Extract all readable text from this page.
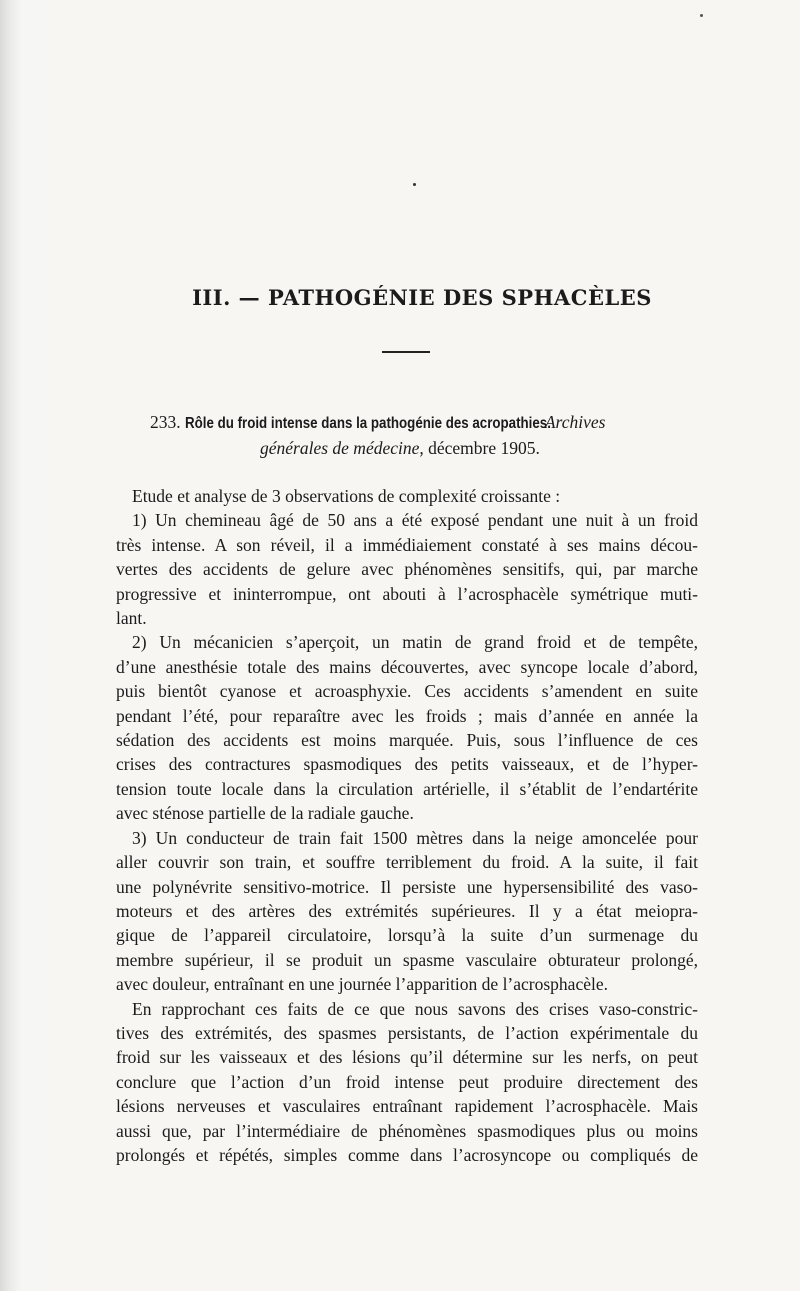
III. — PATHOGÉNIE DES SPHACÈLES
233. Rôle du froid intense dans la pathogénie des acropathies. Archives
générales de médecine, décembre 1905.
Etude et analyse de 3 observations de complexité croissante :
1) Un chemineau âgé de 50 ans a été exposé pendant une nuit à un froid
très intense. A son réveil, il a immédiaiement constaté à ses mains décou-
vertes des accidents de gelure avec phénomènes sensitifs, qui, par marche
progressive et ininterrompue, ont abouti à l’acrosphacèle symétrique muti-
lant.
2) Un mécanicien s’aperçoit, un matin de grand froid et de tempête,
d’une anesthésie totale des mains découvertes, avec syncope locale d’abord,
puis bientôt cyanose et acroasphyxie. Ces accidents s’amendent en suite
pendant l’été, pour reparaître avec les froids ; mais d’année en année la
sédation des accidents est moins marquée. Puis, sous l’influence de ces
crises des contractures spasmodiques des petits vaisseaux, et de l’hyper-
tension toute locale dans la circulation artérielle, il s’établit de l’endartérite
avec sténose partielle de la radiale gauche.
3) Un conducteur de train fait 1500 mètres dans la neige amoncelée pour
aller couvrir son train, et souffre terriblement du froid. A la suite, il fait
une polynévrite sensitivo-motrice. Il persiste une hypersensibilité des vaso-
moteurs et des artères des extrémités supérieures. Il y a état meiopra-
gique de l’appareil circulatoire, lorsqu’à la suite d’un surmenage du
membre supérieur, il se produit un spasme vasculaire obturateur prolongé,
avec douleur, entraînant en une journée l’apparition de l’acrosphacèle.
En rapprochant ces faits de ce que nous savons des crises vaso-constric-
tives des extrémités, des spasmes persistants, de l’action expérimentale du
froid sur les vaisseaux et des lésions qu’il détermine sur les nerfs, on peut
conclure que l’action d’un froid intense peut produire directement des
lésions nerveuses et vasculaires entraînant rapidement l’acrosphacèle. Mais
aussi que, par l’intermédiaire de phénomènes spasmodiques plus ou moins
prolongés et répétés, simples comme dans l’acrosyncope ou compliqués de
